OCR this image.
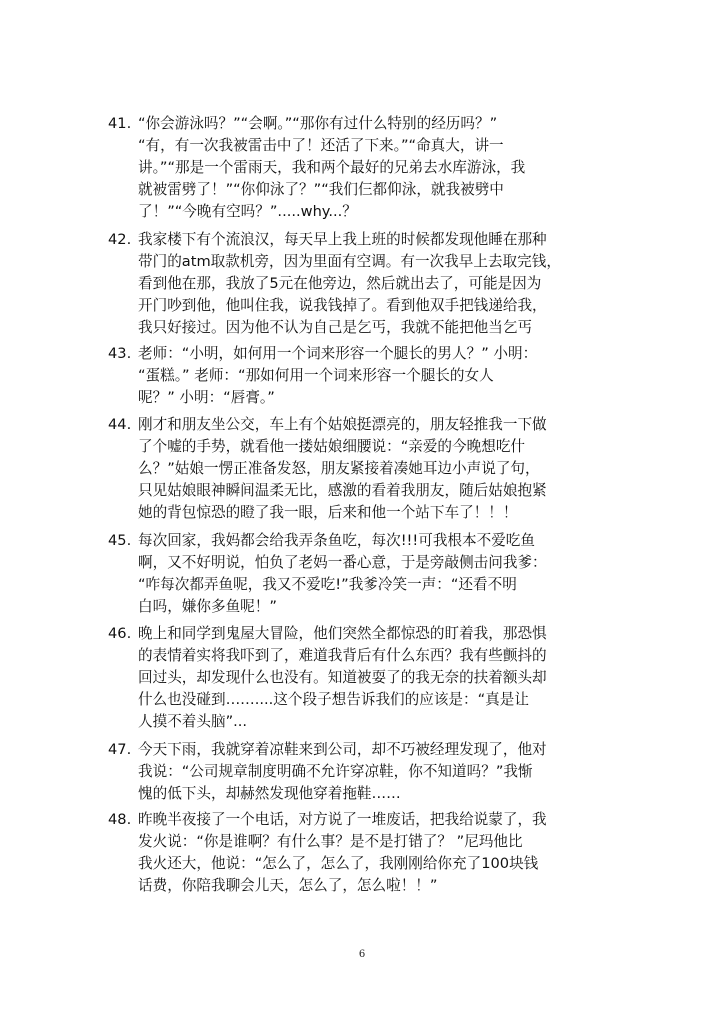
41. “你会游泳吗？”“会啊。”“那你有过什么特别的经历吗？”
“有，有一次我被雷击中了！还活了下来。”“命真大，讲一
讲。”“那是一个雷雨天，我和两个最好的兄弟去水库游泳，我
就被雷劈了！”“你仰泳了？”“我们仨都仰泳，就我被劈中
了！”“今晚有空吗？”.....why...？
42. 我家楼下有个流浪汉，每天早上我上班的时候都发现他睡在那种
带门的atm取款机旁，因为里面有空调。有一次我早上去取完钱，
看到他在那，我放了5元在他旁边，然后就出去了，可能是因为
开门吵到他，他叫住我，说我钱掉了。看到他双手把钱递给我，
我只好接过。因为他不认为自己是乞丐，我就不能把他当乞丐
43. 老师：“小明，如何用一个词来形容一个腿长的男人？” 小明：
“蛋糕。” 老师：“那如何用一个词来形容一个腿长的女人
呢？” 小明：“唇膏。”
44. 刚才和朋友坐公交，车上有个姑娘挺漂亮的，朋友轻推我一下做
了个嘘的手势，就看他一搂姑娘细腰说：“亲爱的今晚想吃什
么？”姑娘一愣正准备发怒，朋友紧接着凑她耳边小声说了句，
只见姑娘眼神瞬间温柔无比，感激的看着我朋友，随后姑娘抱紧
她的背包惊恐的瞪了我一眼，后来和他一个站下车了！！！
45. 每次回家，我妈都会给我弄条鱼吃，每次!!!可我根本不爱吃鱼
啊，又不好明说，怕负了老妈一番心意，于是旁敲侧击问我爹：
“咋每次都弄鱼呢，我又不爱吃!”我爹冷笑一声：“还看不明
白吗，嫌你多鱼呢！”
46. 晚上和同学到鬼屋大冒险，他们突然全都惊恐的盯着我，那恐惧
的表情着实将我吓到了，难道我背后有什么东西？我有些颤抖的
回过头，却发现什么也没有。知道被耍了的我无奈的扶着额头却
什么也没碰到……....这个段子想告诉我们的应该是：“真是让
人摸不着头脑”...
47. 今天下雨，我就穿着凉鞋来到公司，却不巧被经理发现了，他对
我说：“公司规章制度明确不允许穿凉鞋，你不知道吗？”我惭
愧的低下头，却赫然发现他穿着拖鞋……
48. 昨晚半夜接了一个电话，对方说了一堆废话，把我给说蒙了，我
发火说：“你是谁啊？有什么事？是不是打错了？ ”尼玛他比
我火还大，他说：“怎么了，怎么了，我刚刚给你充了100块钱
话费，你陪我聊会儿天，怎么了，怎么啦！！”
6
